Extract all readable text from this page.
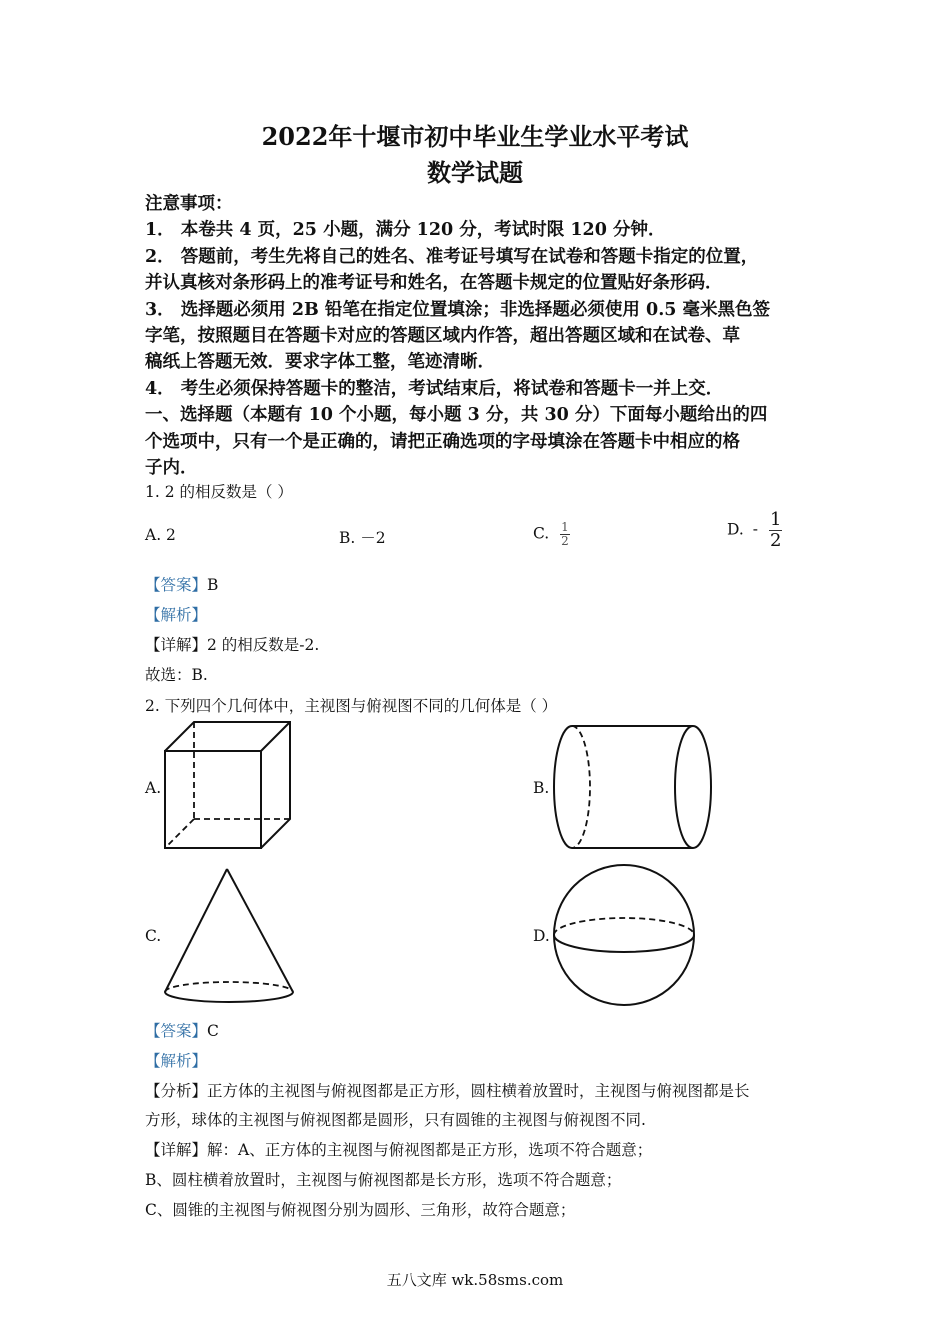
2022年十堰市初中毕业生学业水平考试
数学试题
注意事项：
1． 本卷共 4 页，25 小题，满分 120 分，考试时限 120 分钟．
2． 答题前，考生先将自己的姓名、准考证号填写在试卷和答题卡指定的位置，
并认真核对条形码上的准考证号和姓名，在答题卡规定的位置贴好条形码．
3． 选择题必须用 2B 铅笔在指定位置填涂；非选择题必须使用 0.5 毫米黑色签
字笔，按照题目在答题卡对应的答题区域内作答，超出答题区域和在试卷、草
稿纸上答题无效．要求字体工整，笔迹清晰．
4． 考生必须保持答题卡的整洁，考试结束后，将试卷和答题卡一并上交．
一、选择题（本题有 10 个小题，每小题 3 分，共 30 分）下面每小题给出的四
个选项中，只有一个是正确的，请把正确选项的字母填涂在答题卡中相应的格
子内．
1. 2 的相反数是（ ）
A. 2	B. －2	C. $\frac{1}{2}$	D. - $\frac{1}{2}$
【答案】B
【解析】
【详解】2 的相反数是-2.
故选：B.
2. 下列四个几何体中，主视图与俯视图不同的几何体是（ ）
A.	B.
C.	D.
【答案】C
【解析】
【分析】正方体的主视图与俯视图都是正方形，圆柱横着放置时，主视图与俯视图都是长
方形，球体的主视图与俯视图都是圆形，只有圆锥的主视图与俯视图不同.
【详解】解：A、正方体的主视图与俯视图都是正方形，选项不符合题意；
B、圆柱横着放置时，主视图与俯视图都是长方形，选项不符合题意；
C、圆锥的主视图与俯视图分别为圆形、三角形，故符合题意；
五八文库 wk.58sms.com
